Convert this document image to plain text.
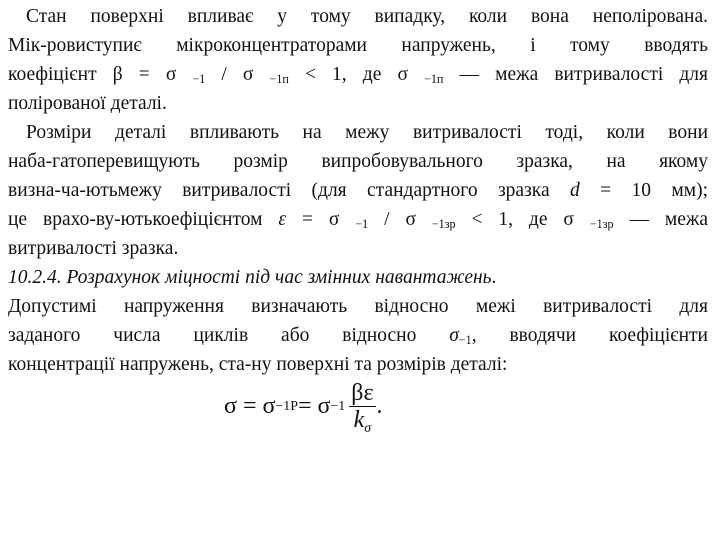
Стан поверхні впливає у тому випадку, коли вона неполірована.
Мік-ровиступиє мікроконцентраторами напружень, і тому вводять
коефіцієнт β = σ $_{-1}$ / σ $_{-1п}$ < 1, де σ $_{-1п}$ — межа витривалості для
полірованої деталі.
Розміри деталі впливають на межу витривалості тоді, коли вони
наба-гатоперевищують розмір випробовувального зразка, на якому
визна-ча-ютьмежу витривалості (для стандартного зразка d = 10 мм);
це врахо-ву-ютькоефіцієнтом ε = σ $_{-1}$ / σ $_{-1зр}$ < 1, де σ $_{-1зр}$ — межа
витривалості зразка.
10.2.4. Розрахунок міцності під час змінних навантажень.
Допустимі напруження визначають відносно межі витривалості для
заданого числа циклів або відносно $\sigma_{-1}$, вводячи коефіцієнти
концентрації напружень, ста-ну поверхні та розмірів деталі:
$\sigma = \sigma -1P = \sigma -1 \frac{\beta\varepsilon}{k_\sigma}$ .
